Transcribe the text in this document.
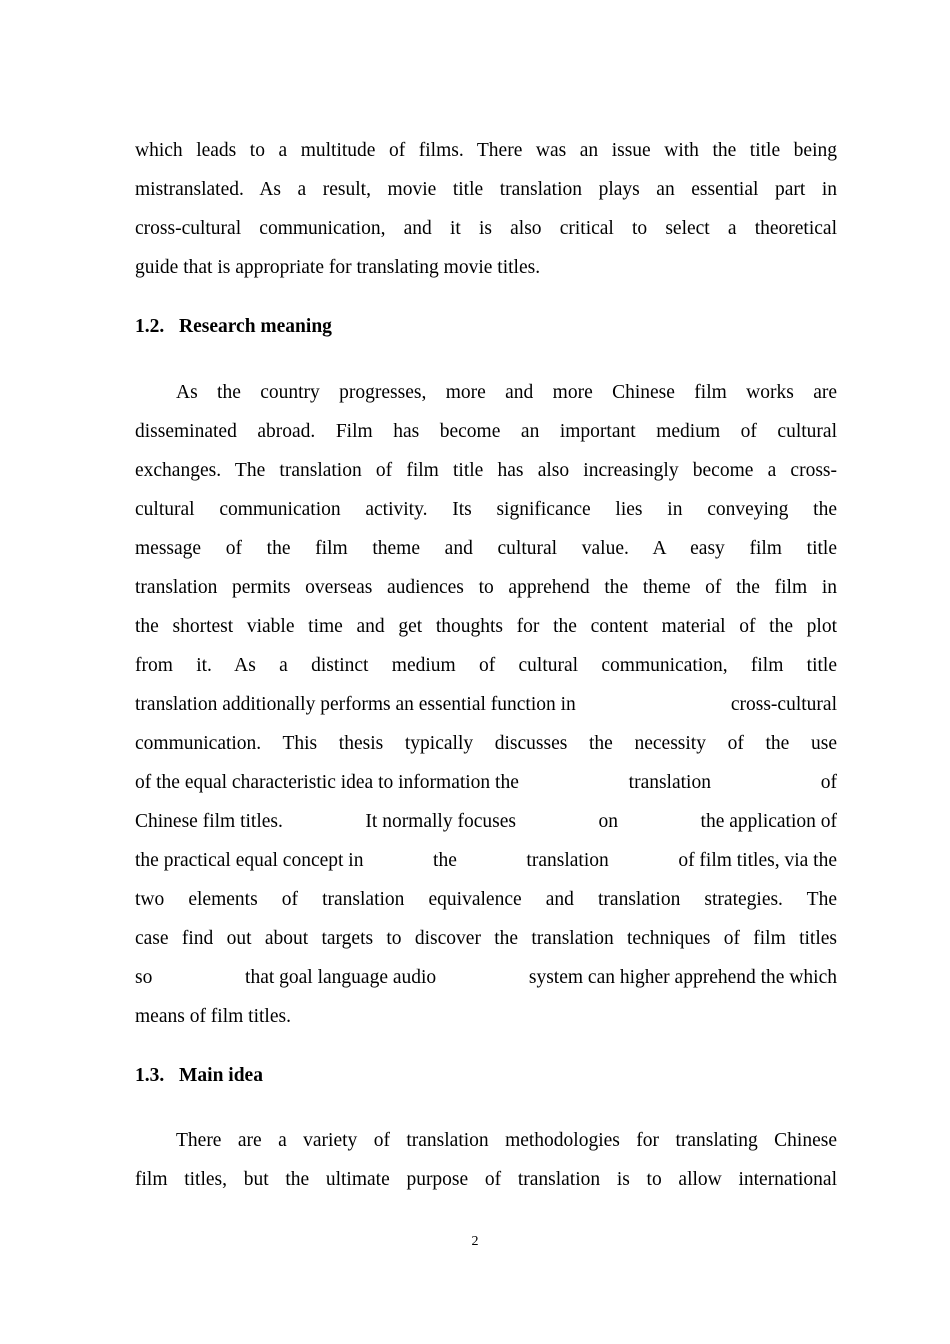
which leads to a multitude of films. There was an issue with the title being
mistranslated. As a result, movie title translation plays an essential part in
cross-cultural communication, and it is also critical to select a theoretical
guide that is appropriate for translating movie titles.

1.2. Research meaning

As the country progresses, more and more Chinese film works are
disseminated abroad. Film has become an important medium of cultural
exchanges. The translation of film title has also increasingly become a cross-
cultural communication activity. Its significance lies in conveying the
message of the film theme and cultural value. A easy film title
translation permits overseas audiences to apprehend the theme of the film in
the shortest viable time and get thoughts for the content material of the plot
from it. As a distinct medium of cultural communication, film title
translation additionally performs an essential function in	cross-cultural
communication. This thesis typically discusses the necessity of the use
of the equal characteristic idea to information the	translation	of
Chinese film titles.	It normally focuses	on	the application of
the practical equal concept in	the	translation	of film titles, via the
two elements of translation equivalence and translation strategies. The
case find out about targets to discover the translation techniques of film titles
so	that goal language audio	system can higher apprehend the which
means of film titles.

1.3. Main idea

There are a variety of translation methodologies for translating Chinese
film titles, but the ultimate purpose of translation is to allow international

2
